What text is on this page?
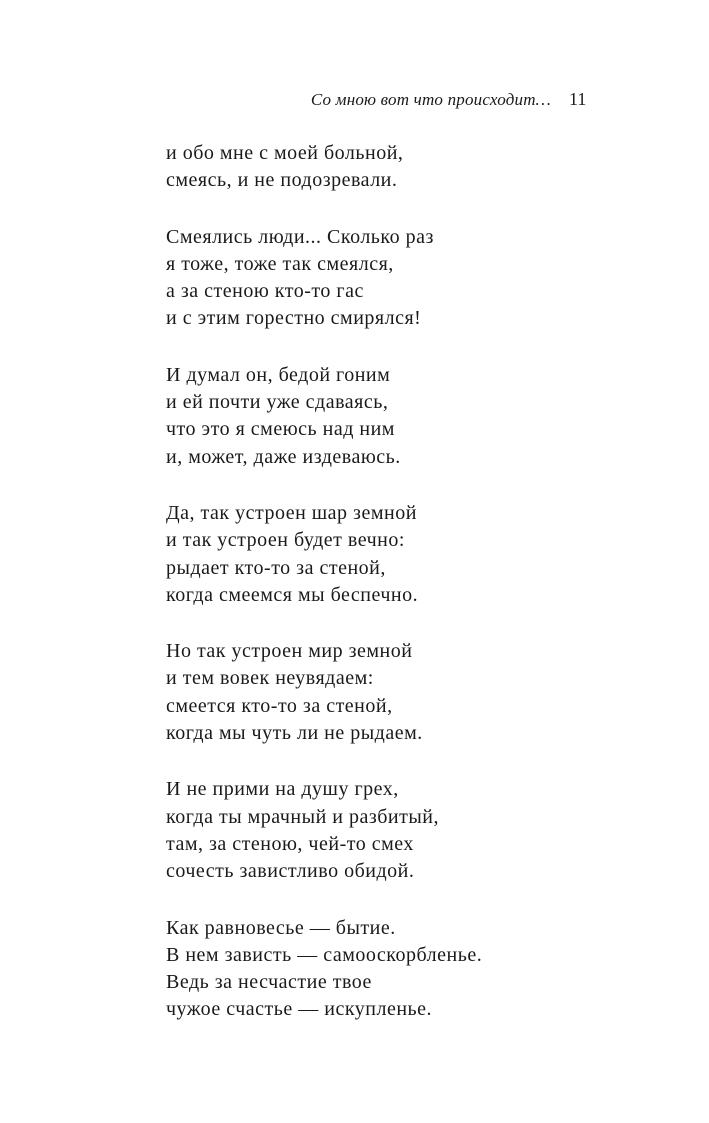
Со мною вот что происходит… 11
и обо мне с моей больной,
смеясь, и не подозревали.
Смеялись люди... Сколько раз
я тоже, тоже так смеялся,
а за стеною кто-то гас
и с этим горестно смирялся!
И думал он, бедой гоним
и ей почти уже сдаваясь,
что это я смеюсь над ним
и, может, даже издеваюсь.
Да, так устроен шар земной
и так устроен будет вечно:
рыдает кто-то за стеной,
когда смеемся мы беспечно.
Но так устроен мир земной
и тем вовек неувядаем:
смеется кто-то за стеной,
когда мы чуть ли не рыдаем.
И не прими на душу грех,
когда ты мрачный и разбитый,
там, за стеною, чей-то смех
сочесть завистливо обидой.
Как равновесье — бытие.
В нем зависть — самооскорбленье.
Ведь за несчастие твое
чужое счастье — искупленье.
